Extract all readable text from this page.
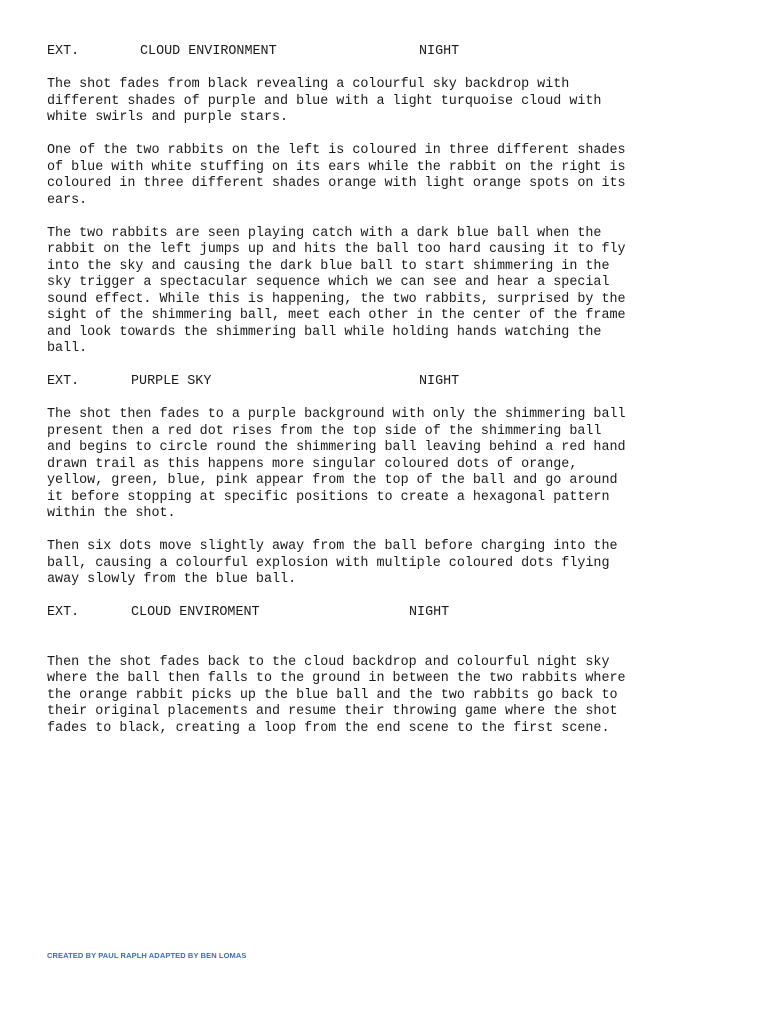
EXT.	CLOUD ENVIRONMENT	NIGHT

The shot fades from black revealing a colourful sky backdrop with

different shades of purple and blue with a light turquoise cloud with

white swirls and purple stars.

One of the two rabbits on the left is coloured in three different shades

of blue with white stuffing on its ears while the rabbit on the right is

coloured in three different shades orange with light orange spots on its

ears.

The two rabbits are seen playing catch with a dark blue ball when the

rabbit on the left jumps up and hits the ball too hard causing it to fly

into the sky and causing the dark blue ball to start shimmering in the

sky trigger a spectacular sequence which we can see and hear a special

sound effect. While this is happening, the two rabbits, surprised by the

sight of the shimmering ball, meet each other in the center of the frame

and look towards the shimmering ball while holding hands watching the

ball.

EXT.	PURPLE SKY	NIGHT

The shot then fades to a purple background with only the shimmering ball

present then a red dot rises from the top side of the shimmering ball

and begins to circle round the shimmering ball leaving behind a red hand

drawn trail as this happens more singular coloured dots of orange,

yellow, green, blue, pink appear from the top of the ball and go around

it before stopping at specific positions to create a hexagonal pattern

within the shot.

Then six dots move slightly away from the ball before charging into the

ball, causing a colourful explosion with multiple coloured dots flying

away slowly from the blue ball.

EXT.	CLOUD ENVIROMENT	NIGHT

Then the shot fades back to the cloud backdrop and colourful night sky

where the ball then falls to the ground in between the two rabbits where

the orange rabbit picks up the blue ball and the two rabbits go back to

their original placements and resume their throwing game where the shot

fades to black, creating a loop from the end scene to the first scene.

CREATED BY PAUL RAPLH ADAPTED BY BEN LOMAS
